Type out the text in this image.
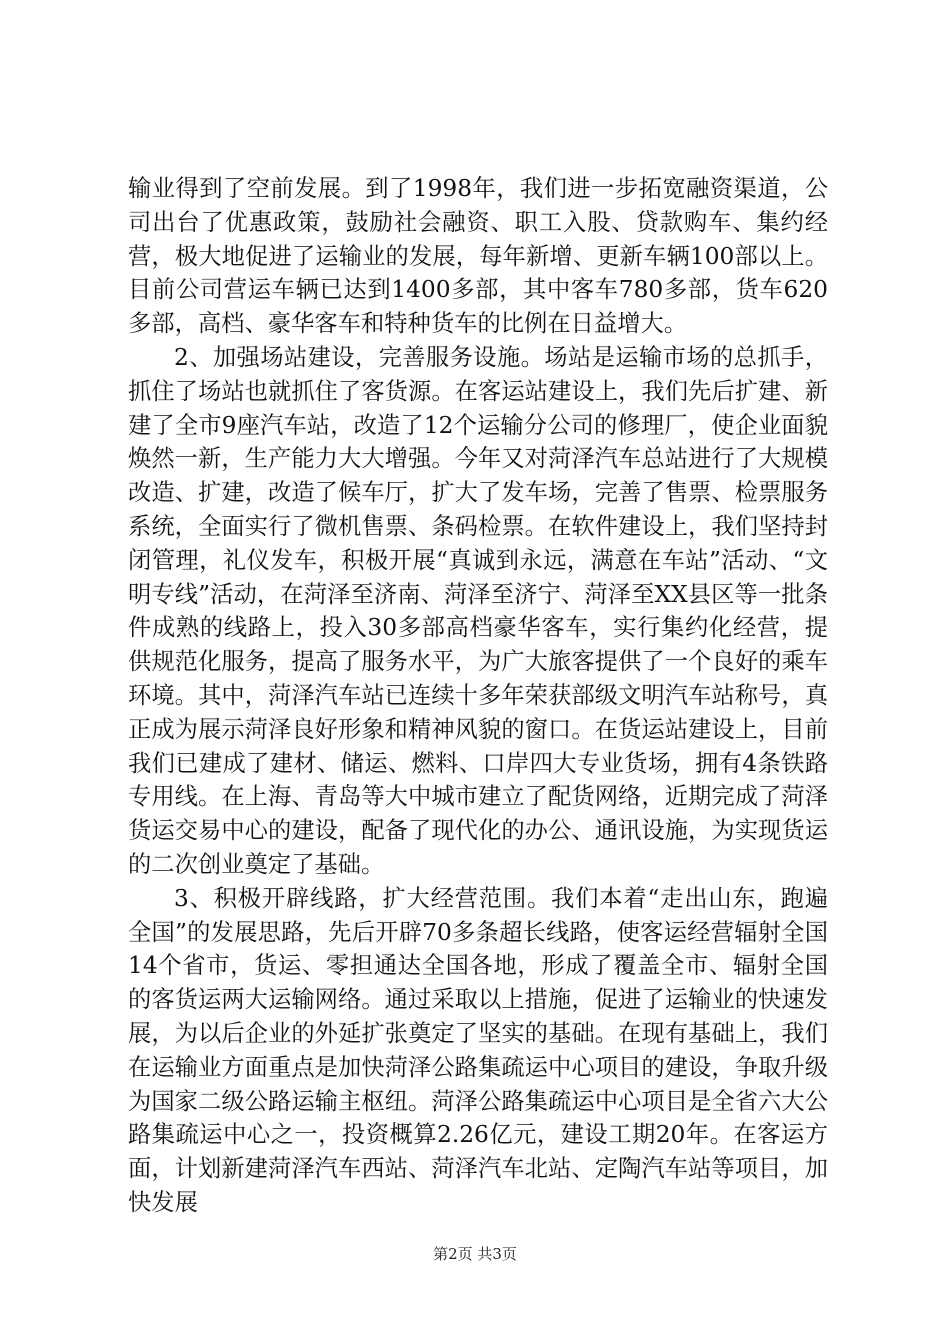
输业得到了空前发展。到了1998年，我们进一步拓宽融资渠道，公司出台了优惠政策，鼓励社会融资、职工入股、贷款购车、集约经营，极大地促进了运输业的发展，每年新增、更新车辆100部以上。目前公司营运车辆已达到1400多部，其中客车780多部，货车620多部，高档、豪华客车和特种货车的比例在日益增大。

2、加强场站建设，完善服务设施。场站是运输市场的总抓手，抓住了场站也就抓住了客货源。在客运站建设上，我们先后扩建、新建了全市9座汽车站，改造了12个运输分公司的修理厂，使企业面貌焕然一新，生产能力大大增强。今年又对菏泽汽车总站进行了大规模改造、扩建，改造了候车厅，扩大了发车场，完善了售票、检票服务系统，全面实行了微机售票、条码检票。在软件建设上，我们坚持封闭管理，礼仪发车，积极开展“真诚到永远，满意在车站”活动、“文明专线”活动，在菏泽至济南、菏泽至济宁、菏泽至XX县区等一批条件成熟的线路上，投入30多部高档豪华客车，实行集约化经营，提供规范化服务，提高了服务水平，为广大旅客提供了一个良好的乘车环境。其中，菏泽汽车站已连续十多年荣获部级文明汽车站称号，真正成为展示菏泽良好形象和精神风貌的窗口。在货运站建设上，目前我们已建成了建材、储运、燃料、口岸四大专业货场，拥有4条铁路专用线。在上海、青岛等大中城市建立了配货网络，近期完成了菏泽货运交易中心的建设，配备了现代化的办公、通讯设施，为实现货运的二次创业奠定了基础。

3、积极开辟线路，扩大经营范围。我们本着“走出山东，跑遍全国”的发展思路，先后开辟70多条超长线路，使客运经营辐射全国14个省市，货运、零担通达全国各地，形成了覆盖全市、辐射全国的客货运两大运输网络。通过采取以上措施，促进了运输业的快速发展，为以后企业的外延扩张奠定了坚实的基础。在现有基础上，我们在运输业方面重点是加快菏泽公路集疏运中心项目的建设，争取升级为国家二级公路运输主枢纽。菏泽公路集疏运中心项目是全省六大公路集疏运中心之一，投资概算2.26亿元，建设工期20年。在客运方面，计划新建菏泽汽车西站、菏泽汽车北站、定陶汽车站等项目，加快发展

第2页 共3页
